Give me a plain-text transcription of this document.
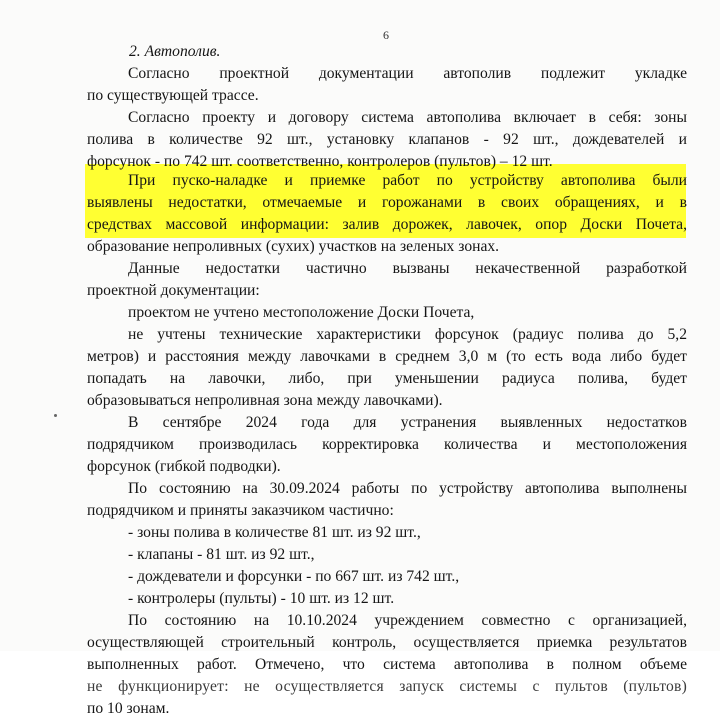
6
2. Автополив.
Согласно проектной документации автополив подлежит укладке
по существующей трассе.
Согласно проекту и договору система автополива включает в себя: зоны
полива в количестве 92 шт., установку клапанов - 92 шт., дождевателей и
форсунок - по 742 шт. соответственно, контролеров (пультов) – 12 шт.
При пуско-наладке и приемке работ по устройству автополива были
выявлены недостатки, отмечаемые и горожанами в своих обращениях, и в
средствах массовой информации: залив дорожек, лавочек, опор Доски Почета,
образование непроливных (сухих) участков на зеленых зонах.
Данные недостатки частично вызваны некачественной разработкой
проектной документации:
проектом не учтено местоположение Доски Почета,
не учтены технические характеристики форсунок (радиус полива до 5,2
метров) и расстояния между лавочками в среднем 3,0 м (то есть вода либо будет
попадать на лавочки, либо, при уменьшении радиуса полива, будет
образовываться непроливная зона между лавочками).
В сентябре 2024 года для устранения выявленных недостатков
подрядчиком производилась корректировка количества и местоположения
форсунок (гибкой подводки).
По состоянию на 30.09.2024 работы по устройству автополива выполнены
подрядчиком и приняты заказчиком частично:
- зоны полива в количестве 81 шт. из 92 шт.,
- клапаны - 81 шт. из 92 шт.,
- дождеватели и форсунки - по 667 шт. из 742 шт.,
- контролеры (пульты) - 10 шт. из 12 шт.
По состоянию на 10.10.2024 учреждением совместно с организацией,
осуществляющей строительный контроль, осуществляется приемка результатов
выполненных работ. Отмечено, что система автополива в полном объеме
не функционирует: не осуществляется запуск системы с пультов (пультов)
по 10 зонам.
